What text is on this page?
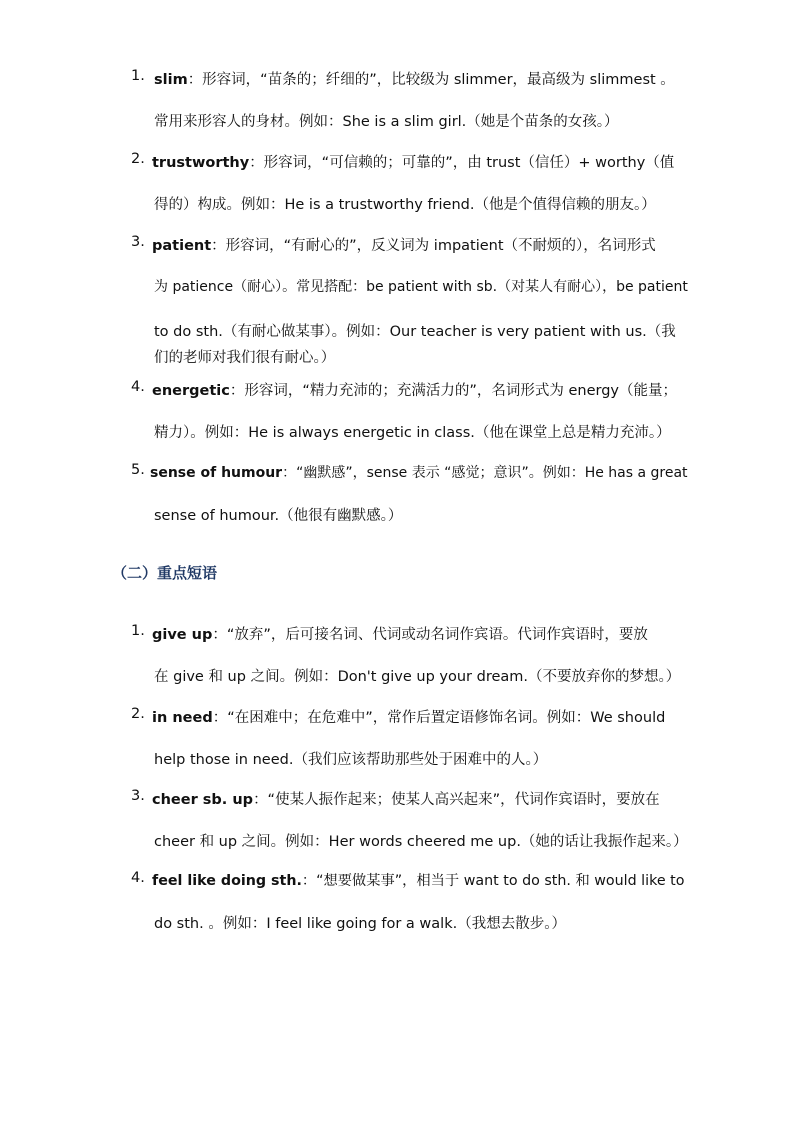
1. slim：形容词，“苗条的；纤细的”，比较级为 slimmer，最高级为 slimmest 。
常用来形容人的身材。例如：She is a slim girl.（她是个苗条的女孩。）
2. trustworthy：形容词，“可信赖的；可靠的”，由 trust（信任）+ worthy（值
得的）构成。例如：He is a trustworthy friend.（他是个值得信赖的朋友。）
3. patient：形容词，“有耐心的”，反义词为 impatient（不耐烦的），名词形式
为 patience（耐心）。常见搭配：be patient with sb.（对某人有耐心），be patient
to do sth.（有耐心做某事）。例如：Our teacher is very patient with us.（我
们的老师对我们很有耐心。）
4. energetic：形容词，“精力充沛的；充满活力的”，名词形式为 energy（能量；
精力）。例如：He is always energetic in class.（他在课堂上总是精力充沛。）
5. sense of humour：“幽默感”，sense 表示 “感觉；意识”。例如：He has a great
sense of humour.（他很有幽默感。）
（二）重点短语
1. give up：“放弃”，后可接名词、代词或动名词作宾语。代词作宾语时，要放
在 give 和 up 之间。例如：Don't give up your dream.（不要放弃你的梦想。）
2. in need：“在困难中；在危难中”，常作后置定语修饰名词。例如：We should
help those in need.（我们应该帮助那些处于困难中的人。）
3. cheer sb. up：“使某人振作起来；使某人高兴起来”，代词作宾语时，要放在
cheer 和 up 之间。例如：Her words cheered me up.（她的话让我振作起来。）
4. feel like doing sth.：“想要做某事”，相当于 want to do sth. 和 would like to
do sth. 。例如：I feel like going for a walk.（我想去散步。）
